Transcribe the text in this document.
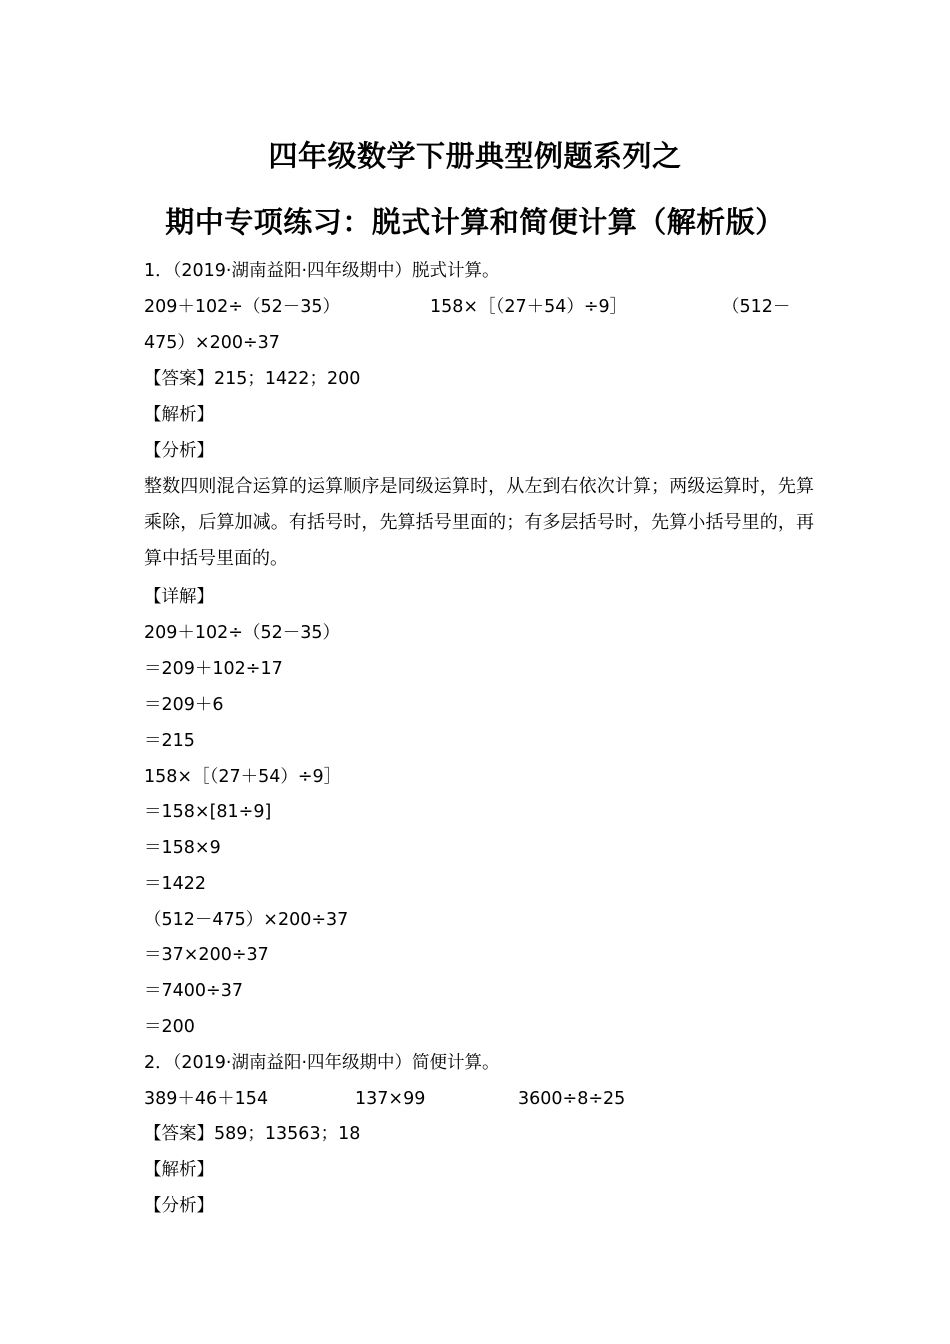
四年级数学下册典型例题系列之
期中专项练习：脱式计算和简便计算（解析版）
1．（2019·湖南益阳·四年级期中）脱式计算。
209＋102÷（52－35）	158×［（27＋54）÷9］	（512－
475）×200÷37
【答案】215；1422；200
【解析】
【分析】
整数四则混合运算的运算顺序是同级运算时，从左到右依次计算；两级运算时，先算乘除，后算加减。有括号时，先算括号里面的；有多层括号时，先算小括号里的，再算中括号里面的。
【详解】
209＋102÷（52－35）
＝209＋102÷17
＝209＋6
＝215
158×［（27＋54）÷9］
＝158×[81÷9]
＝158×9
＝1422
（512－475）×200÷37
＝37×200÷37
＝7400÷37
＝200
2．（2019·湖南益阳·四年级期中）简便计算。
389＋46＋154	137×99	3600÷8÷25
【答案】589；13563；18
【解析】
【分析】
